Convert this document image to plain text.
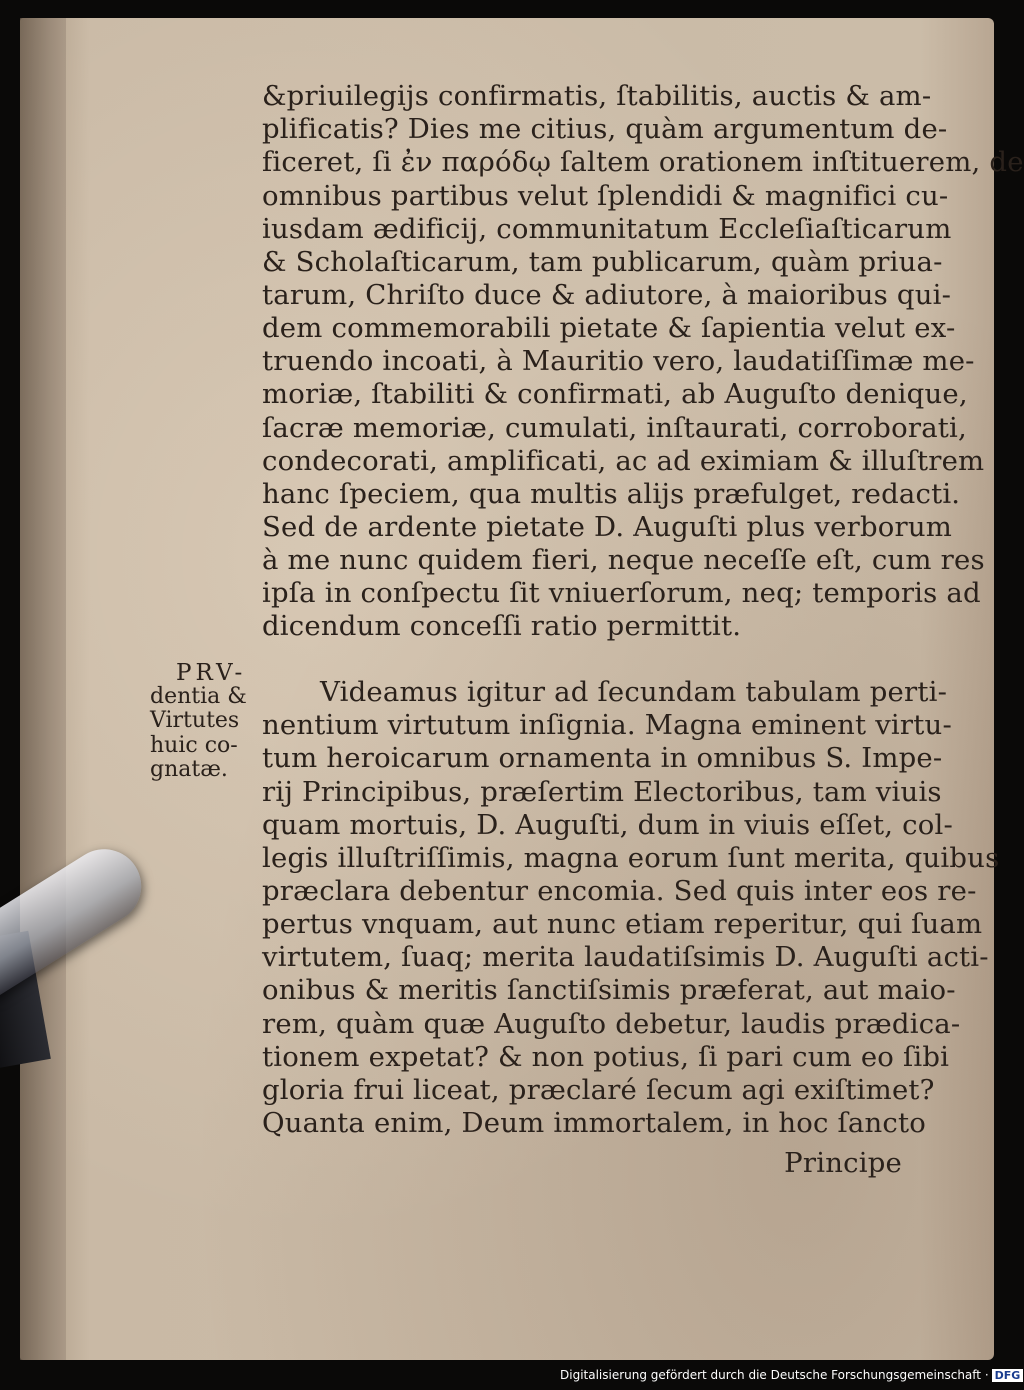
&priuilegijs confirmatis, ſtabilitis, auctis & am-
plificatis? Dies me citius, quàm argumentum de-
ficeret, ſi ἐν παρόδῳ ſaltem orationem inſtituerem, de
omnibus partibus velut ſplendidi & magnifici cu-
iusdam ædificij, communitatum Eccleſiaſticarum
& Scholaſticarum, tam publicarum, quàm priua-
tarum, Chriſto duce & adiutore, à maioribus qui-
dem commemorabili pietate & ſapientia velut ex-
truendo incoati, à Mauritio vero, laudatiſſimæ me-
moriæ, ſtabiliti & confirmati, ab Auguſto denique,
ſacræ memoriæ, cumulati, inſtaurati, corroborati,
condecorati, amplificati, ac ad eximiam & illuſtrem
hanc ſpeciem, qua multis alijs præfulget, redacti.
Sed de ardente pietate D. Auguſti plus verborum
à me nunc quidem fieri, neque neceſſe eſt, cum res
ipſa in conſpectu ſit vniuerſorum, neq; temporis ad
dicendum conceſſi ratio permittit.
Videamus igitur ad ſecundam tabulam perti-
nentium virtutum inſignia. Magna eminent virtu-
tum heroicarum ornamenta in omnibus S. Impe-
rij Principibus, præſertim Electoribus, tam viuis
quam mortuis, D. Auguſti, dum in viuis eſſet, col-
legis illuſtriſſimis, magna eorum ſunt merita, quibus
præclara debentur encomia. Sed quis inter eos re-
pertus vnquam, aut nunc etiam reperitur, qui ſuam
virtutem, ſuaq; merita laudatiſsimis D. Auguſti acti-
onibus & meritis ſanctiſsimis præferat, aut maio-
rem, quàm quæ Auguſto debetur, laudis prædica-
tionem expetat? & non potius, ſi pari cum eo ſibi
gloria frui liceat, præclaré ſecum agi exiſtimet?
Quanta enim, Deum immortalem, in hoc ſancto
Principe
PRV-
dentia &
Virtutes
huic co-
gnatæ.
Digitalisierung gefördert durch die Deutsche Forschungsgemeinschaft · DFG
